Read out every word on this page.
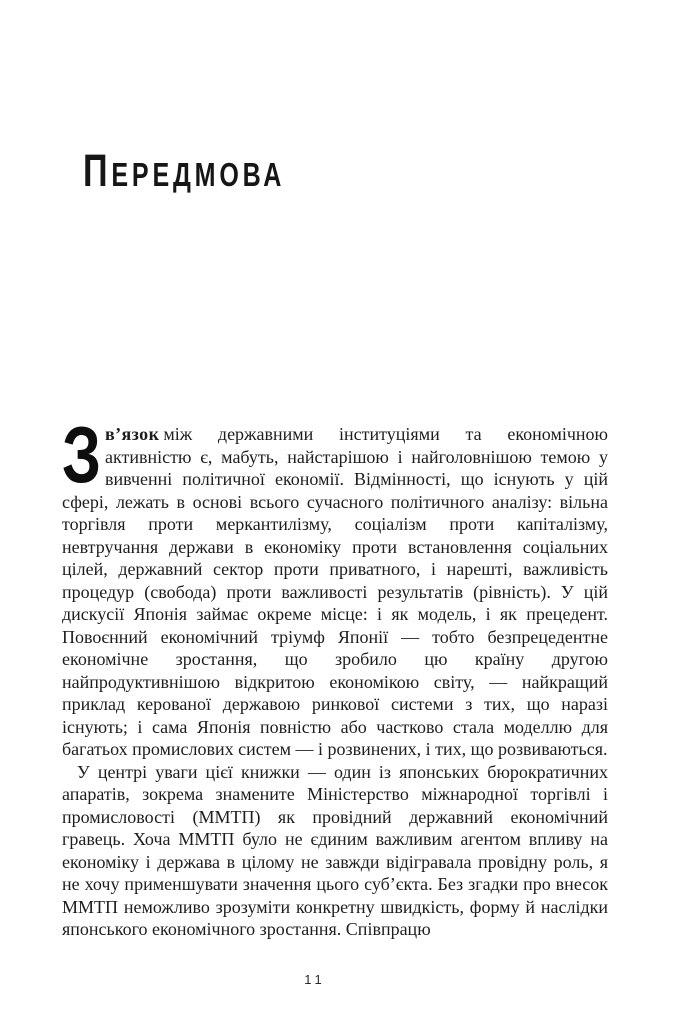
ПЕРЕДМОВА
Зв’язок між державними інституціями та економічною активністю є, мабуть, найстарішою і найголовнішою темою у вивченні політичної економії. Відмінності, що існують у цій сфері, лежать в основі всього сучасного політичного аналізу: вільна торгівля проти меркантилізму, соціалізм проти капіталізму, невтручання держави в економіку проти встановлення соціальних цілей, державний сектор проти приватного, і нарешті, важливість процедур (свобода) проти важливості результатів (рівність). У цій дискусії Японія займає окреме місце: і як модель, і як прецедент. Повоєнний економічний тріумф Японії — тобто безпрецедентне економічне зростання, що зробило цю країну другою найпродуктивнішою відкритою економікою світу, — найкращий приклад керованої державою ринкової системи з тих, що наразі існують; і сама Японія повністю або частково стала моделлю для багатьох промислових систем — і розвинених, і тих, що розвиваються.
У центрі уваги цієї книжки — один із японських бюрократичних апаратів, зокрема знамените Міністерство міжнародної торгівлі і промисловості (ММТП) як провідний державний економічний гравець. Хоча ММТП було не єдиним важливим агентом впливу на економіку і держава в цілому не завжди відігравала провідну роль, я не хочу применшувати значення цього суб’єкта. Без згадки про внесок ММТП неможливо зрозуміти конкретну швидкість, форму й наслідки японського економічного зростання. Співпрацю
11
